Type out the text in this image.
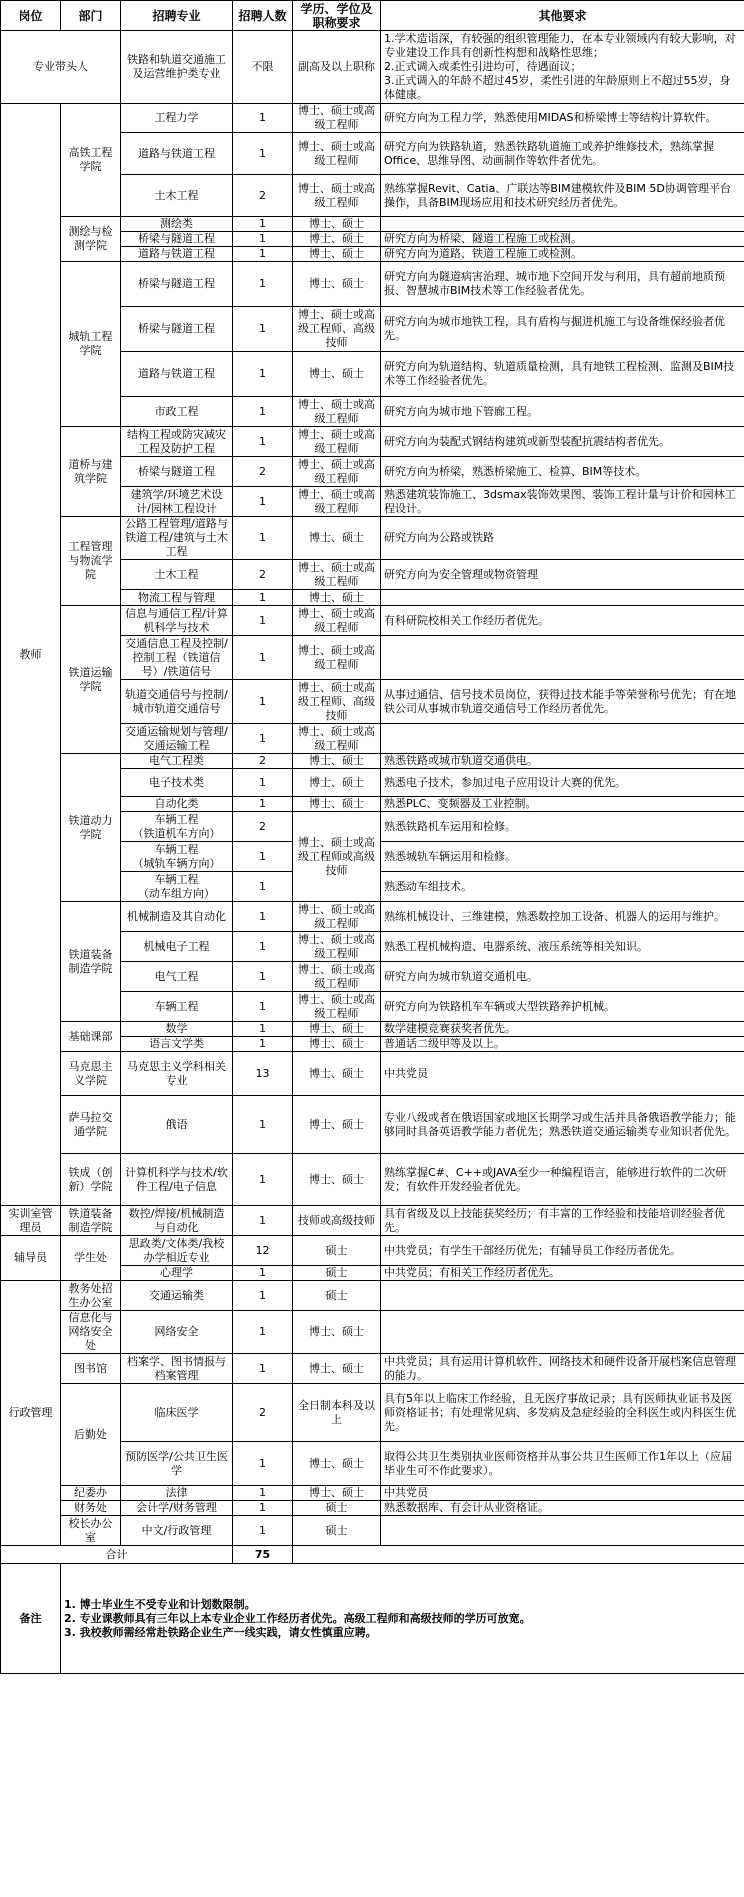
岗位	部门	招聘专业	招聘人数	学历、学位及职称要求	其他要求
专业带头人		铁路和轨道交通施工及运营维护类专业	不限	副高及以上职称	1.学术造诣深，有较强的组织管理能力，在本专业领域内有较大影响，对专业建设工作具有创新性构想和战略性思维；
2.正式调入或柔性引进均可，待遇面议；
3.正式调入的年龄不超过45岁，柔性引进的年龄原则上不超过55岁，身体健康。
教师	高铁工程学院	工程力学	1	博士、硕士或高级工程师	研究方向为工程力学，熟悉使用MIDAS和桥梁博士等结构计算软件。
		道路与铁道工程	1	博士、硕士或高级工程师	研究方向为铁路轨道，熟悉铁路轨道施工或养护维修技术，熟练掌握Office、思维导图、动画制作等软件者优先。
		土木工程	2	博士、硕士或高级工程师	熟练掌握Revit、Catia、广联达等BIM建模软件及BIM 5D协调管理平台操作，具备BIM现场应用和技术研究经历者优先。
	测绘与检测学院	测绘类	1	博士、硕士	
		桥梁与隧道工程	1	博士、硕士	研究方向为桥梁、隧道工程施工或检测。
		道路与铁道工程	1	博士、硕士	研究方向为道路、铁道工程施工或检测。
	城轨工程学院	桥梁与隧道工程	1	博士、硕士	研究方向为隧道病害治理、城市地下空间开发与利用，具有超前地质预报、智慧城市BIM技术等工作经验者优先。
		桥梁与隧道工程	1	博士、硕士或高级工程师、高级技师	研究方向为城市地铁工程，具有盾构与掘进机施工与设备维保经验者优先。
		道路与铁道工程	1	博士、硕士	研究方向为轨道结构、轨道质量检测，具有地铁工程检测、监测及BIM技术等工作经验者优先。
		市政工程	1	博士、硕士或高级工程师	研究方向为城市地下管廊工程。
	道桥与建筑学院	结构工程或防灾减灾工程及防护工程	1	博士、硕士或高级工程师	研究方向为装配式钢结构建筑或新型装配抗震结构者优先。
		桥梁与隧道工程	2	博士、硕士或高级工程师	研究方向为桥梁，熟悉桥梁施工、检算、BIM等技术。
		建筑学/环境艺术设计/园林工程设计	1	博士、硕士或高级工程师	熟悉建筑装饰施工、3dsmax装饰效果图、装饰工程计量与计价和园林工程设计。
	工程管理与物流学院	公路工程管理/道路与铁道工程/建筑与土木工程	1	博士、硕士	研究方向为公路或铁路
		土木工程	2	博士、硕士或高级工程师	研究方向为安全管理或物资管理
		物流工程与管理	1	博士、硕士	
	铁道运输学院	信息与通信工程/计算机科学与技术	1	博士、硕士或高级工程师	有科研院校相关工作经历者优先。
		交通信息工程及控制/控制工程（铁道信号）/铁道信号	1	博士、硕士或高级工程师	
		轨道交通信号与控制/城市轨道交通信号	1	博士、硕士或高级工程师、高级技师	从事过通信、信号技术员岗位，获得过技术能手等荣誉称号优先；有在地铁公司从事城市轨道交通信号工作经历者优先。
		交通运输规划与管理/交通运输工程	1	博士、硕士或高级工程师	
	铁道动力学院	电气工程类	2	博士、硕士	熟悉铁路或城市轨道交通供电。
		电子技术类	1	博士、硕士	熟悉电子技术，参加过电子应用设计大赛的优先。
		自动化类	1	博士、硕士	熟悉PLC、变频器及工业控制。
		车辆工程
（铁道机车方向）	2	博士、硕士或高级工程师或高级技师	熟悉铁路机车运用和检修。
		车辆工程
（城轨车辆方向）	1		熟悉城轨车辆运用和检修。
		车辆工程
（动车组方向）	1		熟悉动车组技术。
	铁道装备制造学院	机械制造及其自动化	1	博士、硕士或高级工程师	熟练机械设计、三维建模，熟悉数控加工设备、机器人的运用与维护。
		机械电子工程	1	博士、硕士或高级工程师	熟悉工程机械构造、电器系统、液压系统等相关知识。
		电气工程	1	博士、硕士或高级工程师	研究方向为城市轨道交通机电。
		车辆工程	1	博士、硕士或高级工程师	研究方向为铁路机车车辆或大型铁路养护机械。
	基础课部	数学	1	博士、硕士	数学建模竞赛获奖者优先。
		语言文学类	1	博士、硕士	普通话二级甲等及以上。
	马克思主义学院	马克思主义学科相关专业	13	博士、硕士	中共党员
	萨马拉交通学院	俄语	1	博士、硕士	专业八级或者在俄语国家或地区长期学习或生活并具备俄语教学能力；能够同时具备英语教学能力者优先；熟悉铁道交通运输类专业知识者优先。
	铁成（创新）学院	计算机科学与技术/软件工程/电子信息	1	博士、硕士	熟练掌握C#、C++或JAVA至少一种编程语言，能够进行软件的二次研发；有软件开发经验者优先。
实训室管理员	铁道装备制造学院	数控/焊接/机械制造与自动化	1	技师或高级技师	具有省级及以上技能获奖经历；有丰富的工作经验和技能培训经验者优先。
辅导员	学生处	思政类/文体类/我校办学相近专业	12	硕士	中共党员；有学生干部经历优先；有辅导员工作经历者优先。
		心理学	1	硕士	中共党员；有相关工作经历者优先。
行政管理	教务处招生办公室	交通运输类	1	硕士	
	信息化与网络安全处	网络安全	1	博士、硕士	
	图书馆	档案学、图书情报与档案管理	1	博士、硕士	中共党员；具有运用计算机软件、网络技术和硬件设备开展档案信息管理的能力。
	后勤处	临床医学	2	全日制本科及以上	具有5年以上临床工作经验，且无医疗事故记录；具有医师执业证书及医师资格证书；有处理常见病、多发病及急症经验的全科医生或内科医生优先。
		预防医学/公共卫生医学	1	博士、硕士	取得公共卫生类别执业医师资格并从事公共卫生医师工作1年以上（应届毕业生可不作此要求）。
	纪委办	法律	1	博士、硕士	中共党员
	财务处	会计学/财务管理	1	硕士	熟悉数据库、有会计从业资格证。
	校长办公室	中文/行政管理	1	硕士	
合计			75		
备注	1. 博士毕业生不受专业和计划数限制。
2. 专业课教师具有三年以上本专业企业工作经历者优先。高级工程师和高级技师的学历可放宽。
3. 我校教师需经常赴铁路企业生产一线实践，请女性慎重应聘。				
